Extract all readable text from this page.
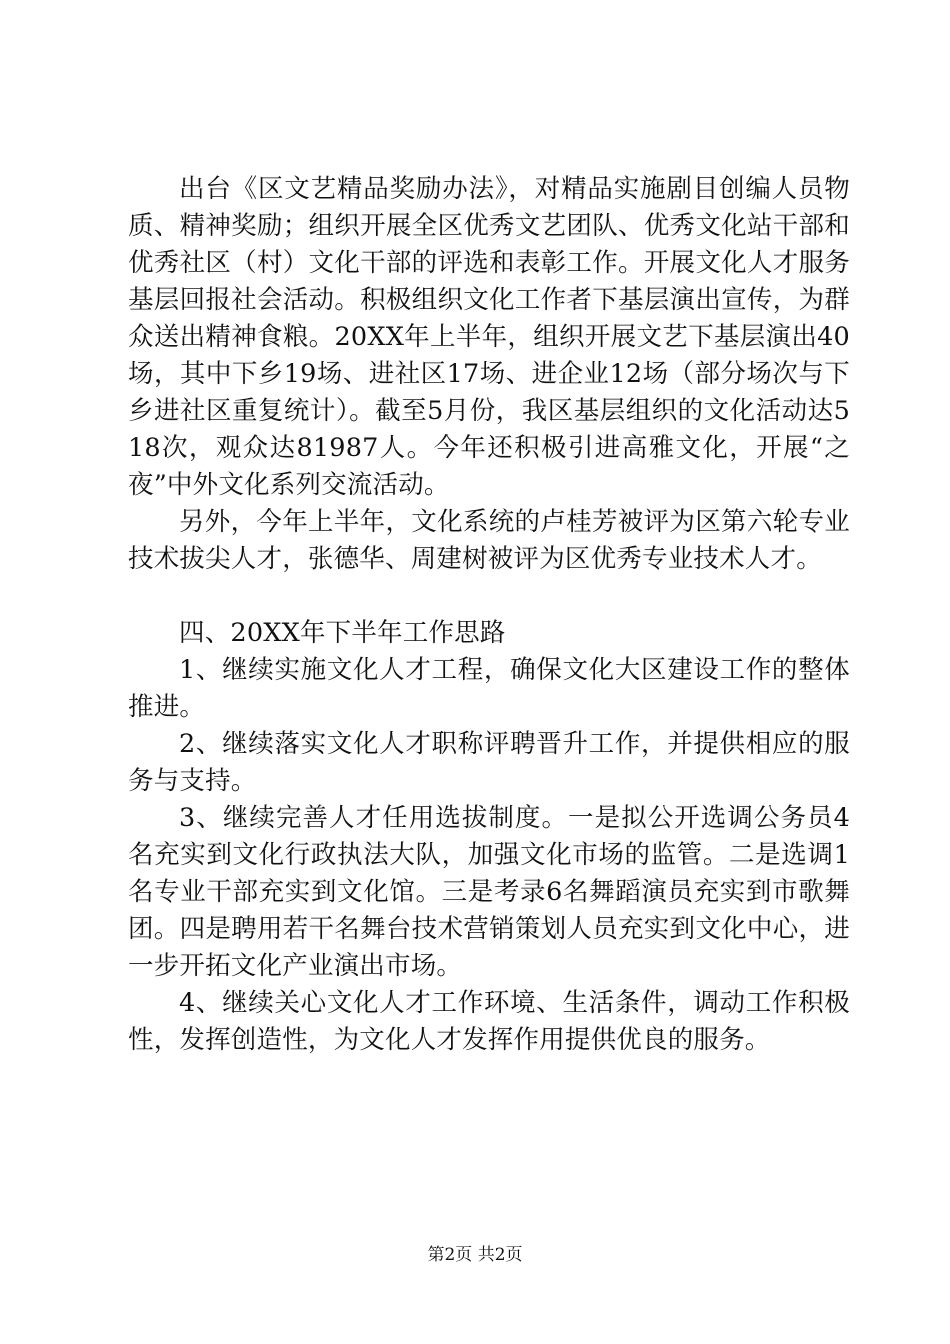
出台《区文艺精品奖励办法》，对精品实施剧目创编人员物质、精神奖励；组织开展全区优秀文艺团队、优秀文化站干部和优秀社区（村）文化干部的评选和表彰工作。开展文化人才服务基层回报社会活动。积极组织文化工作者下基层演出宣传，为群众送出精神食粮。20XX年上半年，组织开展文艺下基层演出40场，其中下乡19场、进社区17场、进企业12场（部分场次与下乡进社区重复统计）。截至5月份，我区基层组织的文化活动达518次，观众达81987人。今年还积极引进高雅文化，开展“之夜”中外文化系列交流活动。

另外，今年上半年，文化系统的卢桂芳被评为区第六轮专业技术拔尖人才，张德华、周建树被评为区优秀专业技术人才。

四、20XX年下半年工作思路

1、继续实施文化人才工程，确保文化大区建设工作的整体推进。

2、继续落实文化人才职称评聘晋升工作，并提供相应的服务与支持。

3、继续完善人才任用选拔制度。一是拟公开选调公务员4名充实到文化行政执法大队，加强文化市场的监管。二是选调1名专业干部充实到文化馆。三是考录6名舞蹈演员充实到市歌舞团。四是聘用若干名舞台技术营销策划人员充实到文化中心，进一步开拓文化产业演出市场。

4、继续关心文化人才工作环境、生活条件，调动工作积极性，发挥创造性，为文化人才发挥作用提供优良的服务。

第2页 共2页
